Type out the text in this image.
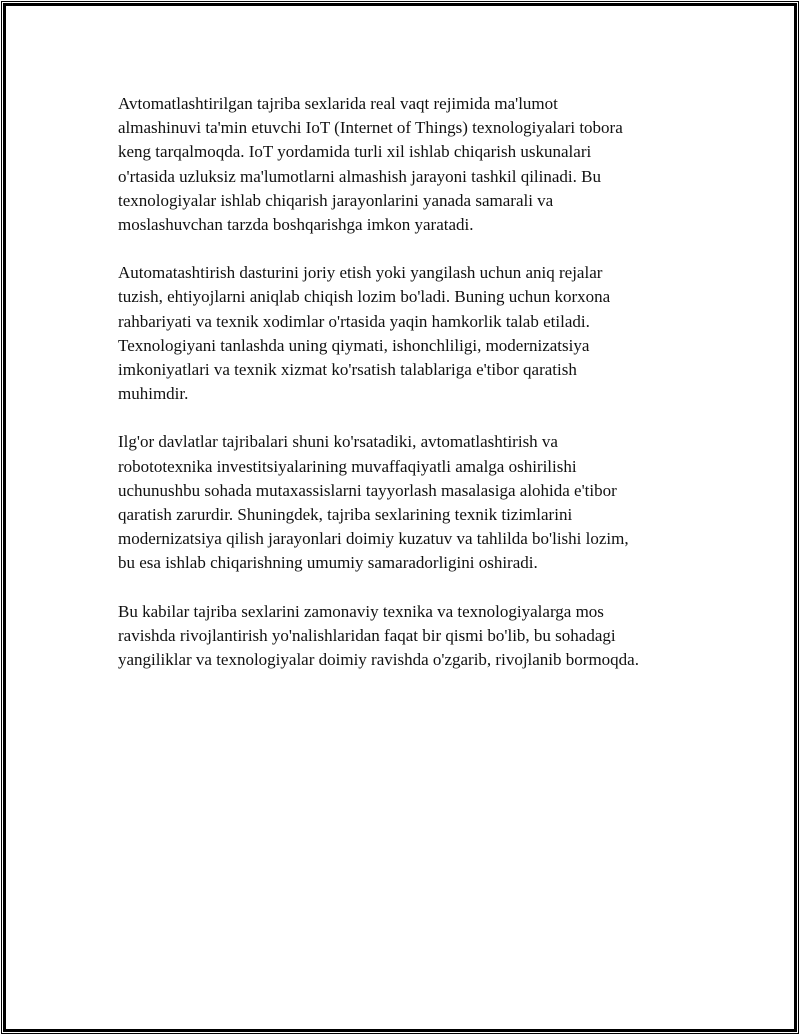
Avtomatlashtirilgan tajriba sexlarida real vaqt rejimida ma'lumot
almashinuvi ta'min etuvchi IoT (Internet of Things) texnologiyalari tobora
keng tarqalmoqda. IoT yordamida turli xil ishlab chiqarish uskunalari
o'rtasida uzluksiz ma'lumotlarni almashish jarayoni tashkil qilinadi. Bu
texnologiyalar ishlab chiqarish jarayonlarini yanada samarali va
moslashuvchan tarzda boshqarishga imkon yaratadi.

Automatashtirish dasturini joriy etish yoki yangilash uchun aniq rejalar
tuzish, ehtiyojlarni aniqlab chiqish lozim bo'ladi. Buning uchun korxona
rahbariyati va texnik xodimlar o'rtasida yaqin hamkorlik talab etiladi.
Texnologiyani tanlashda uning qiymati, ishonchliligi, modernizatsiya
imkoniyatlari va texnik xizmat ko'rsatish talablariga e'tibor qaratish
muhimdir.

Ilg'or davlatlar tajribalari shuni ko'rsatadiki, avtomatlashtirish va
robototexnika investitsiyalarining muvaffaqiyatli amalga oshirilishi
uchunushbu sohada mutaxassislarni tayyorlash masalasiga alohida e'tibor
qaratish zarurdir. Shuningdek, tajriba sexlarining texnik tizimlarini
modernizatsiya qilish jarayonlari doimiy kuzatuv va tahlilda bo'lishi lozim,
bu esa ishlab chiqarishning umumiy samaradorligini oshiradi.

Bu kabilar tajriba sexlarini zamonaviy texnika va texnologiyalarga mos
ravishda rivojlantirish yo'nalishlaridan faqat bir qismi bo'lib, bu sohadagi
yangiliklar va texnologiyalar doimiy ravishda o'zgarib, rivojlanib bormoqda.
